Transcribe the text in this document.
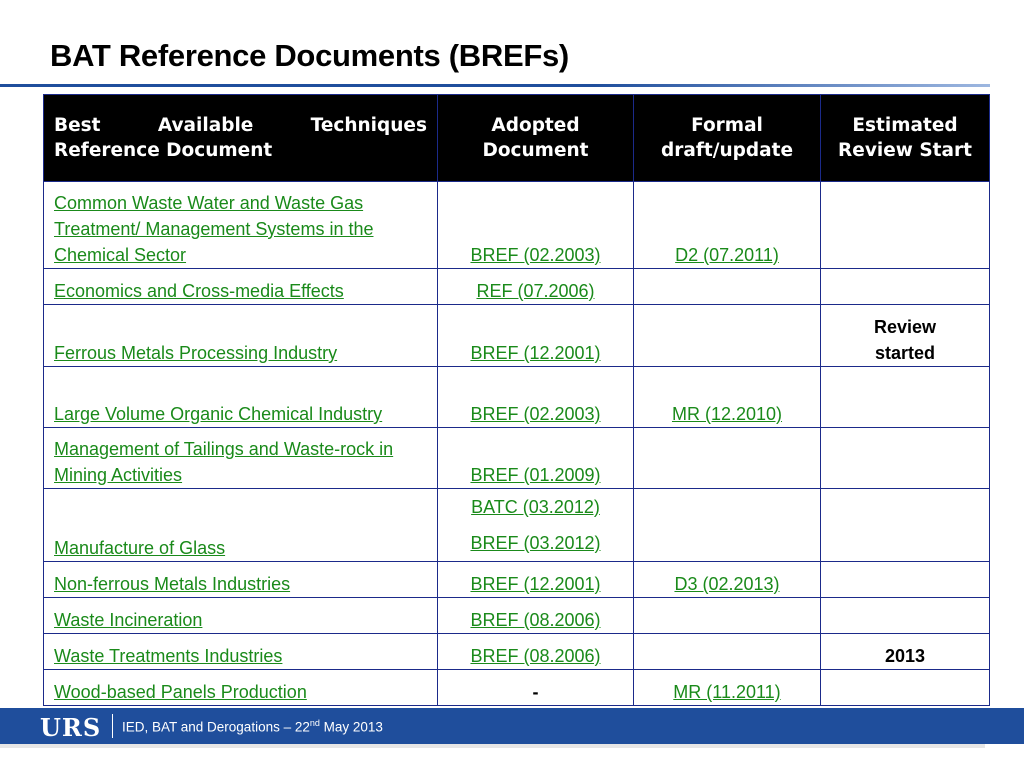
BAT Reference Documents (BREFs)
Best Available Techniques Reference Document	Adopted Document	Formal draft/update	Estimated Review Start
Common Waste Water and Waste Gas Treatment/ Management Systems in the Chemical Sector	BREF (02.2003)	D2 (07.2011)	
Economics and Cross-media Effects	REF (07.2006)		
Ferrous Metals Processing Industry	BREF (12.2001)		Review started
Large Volume Organic Chemical Industry	BREF (02.2003)	MR (12.2010)	
Management of Tailings and Waste-rock in Mining Activities	BREF (01.2009)		
Manufacture of Glass	BATC (03.2012)
BREF (03.2012)		

Non-ferrous Metals Industries	BREF (12.2001)	D3 (02.2013)	
Waste Incineration	BREF (08.2006)		
Waste Treatments Industries	BREF (08.2006)		2013
Wood-based Panels Production	-	MR (11.2011)	
URS IED, BAT and Derogations – 22nd May 2013
